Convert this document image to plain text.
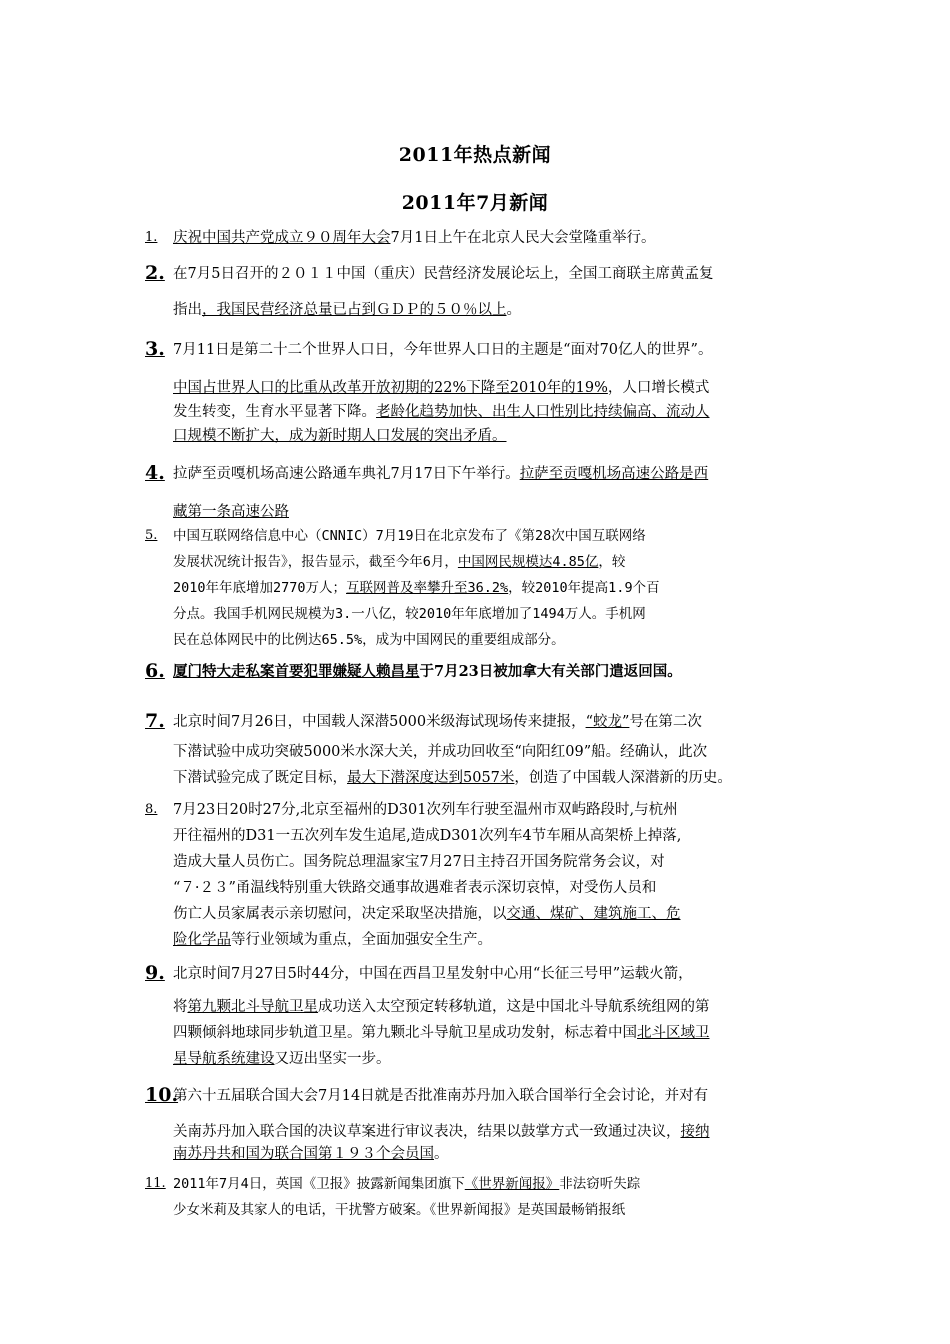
2011年热点新闻
2011年7月新闻
1. 庆祝中国共产党成立９０周年大会7月1日上午在北京人民大会堂隆重举行。
2. 在7月5日召开的２０１１中国（重庆）民营经济发展论坛上，全国工商联主席黄孟复
指出，我国民营经济总量已占到ＧＤＰ的５０％以上。
3. 7月11日是第二十二个世界人口日，今年世界人口日的主题是“面对70亿人的世界”。
中国占世界人口的比重从改革开放初期的22%下降至2010年的19%，人口增长模式
发生转变，生育水平显著下降。老龄化趋势加快、出生人口性别比持续偏高、流动人
口规模不断扩大，成为新时期人口发展的突出矛盾。
4. 拉萨至贡嘎机场高速公路通车典礼7月17日下午举行。拉萨至贡嘎机场高速公路是西
藏第一条高速公路
5. 中国互联网络信息中心（CNNIC）7月19日在北京发布了《第28次中国互联网络
发展状况统计报告》，报告显示，截至今年6月，中国网民规模达4.85亿，较
2010年年底增加2770万人；互联网普及率攀升至36.2%，较2010年提高1.9个百
分点。我国手机网民规模为3.一八亿，较2010年年底增加了1494万人。手机网
民在总体网民中的比例达65.5%，成为中国网民的重要组成部分。
6. 厦门特大走私案首要犯罪嫌疑人赖昌星于7月23日被加拿大有关部门遣返回国。
7. 北京时间7月26日，中国载人深潜5000米级海试现场传来捷报，“蛟龙”号在第二次
下潜试验中成功突破5000米水深大关，并成功回收至“向阳红09”船。经确认，此次
下潜试验完成了既定目标，最大下潜深度达到5057米，创造了中国载人深潜新的历史。
8. 7月23日20时27分,北京至福州的D301次列车行驶至温州市双屿路段时,与杭州
开往福州的D31一五次列车发生追尾,造成D301次列车4节车厢从高架桥上掉落,
造成大量人员伤亡。国务院总理温家宝7月27日主持召开国务院常务会议，对
“７·２３”甬温线特别重大铁路交通事故遇难者表示深切哀悼，对受伤人员和
伤亡人员家属表示亲切慰问，决定采取坚决措施，以交通、煤矿、建筑施工、危
险化学品等行业领域为重点，全面加强安全生产。
9. 北京时间7月27日5时44分，中国在西昌卫星发射中心用“长征三号甲”运载火箭，
将第九颗北斗导航卫星成功送入太空预定转移轨道，这是中国北斗导航系统组网的第
四颗倾斜地球同步轨道卫星。第九颗北斗导航卫星成功发射，标志着中国北斗区域卫
星导航系统建设又迈出坚实一步。
10.
第六十五届联合国大会7月14日就是否批准南苏丹加入联合国举行全会讨论，并对有
关南苏丹加入联合国的决议草案进行审议表决，结果以鼓掌方式一致通过决议，接纳
南苏丹共和国为联合国第１９３个会员国。
11. 2011年7月4日，英国《卫报》披露新闻集团旗下《世界新闻报》非法窃听失踪
少女米莉及其家人的电话，干扰警方破案。《世界新闻报》是英国最畅销报纸
